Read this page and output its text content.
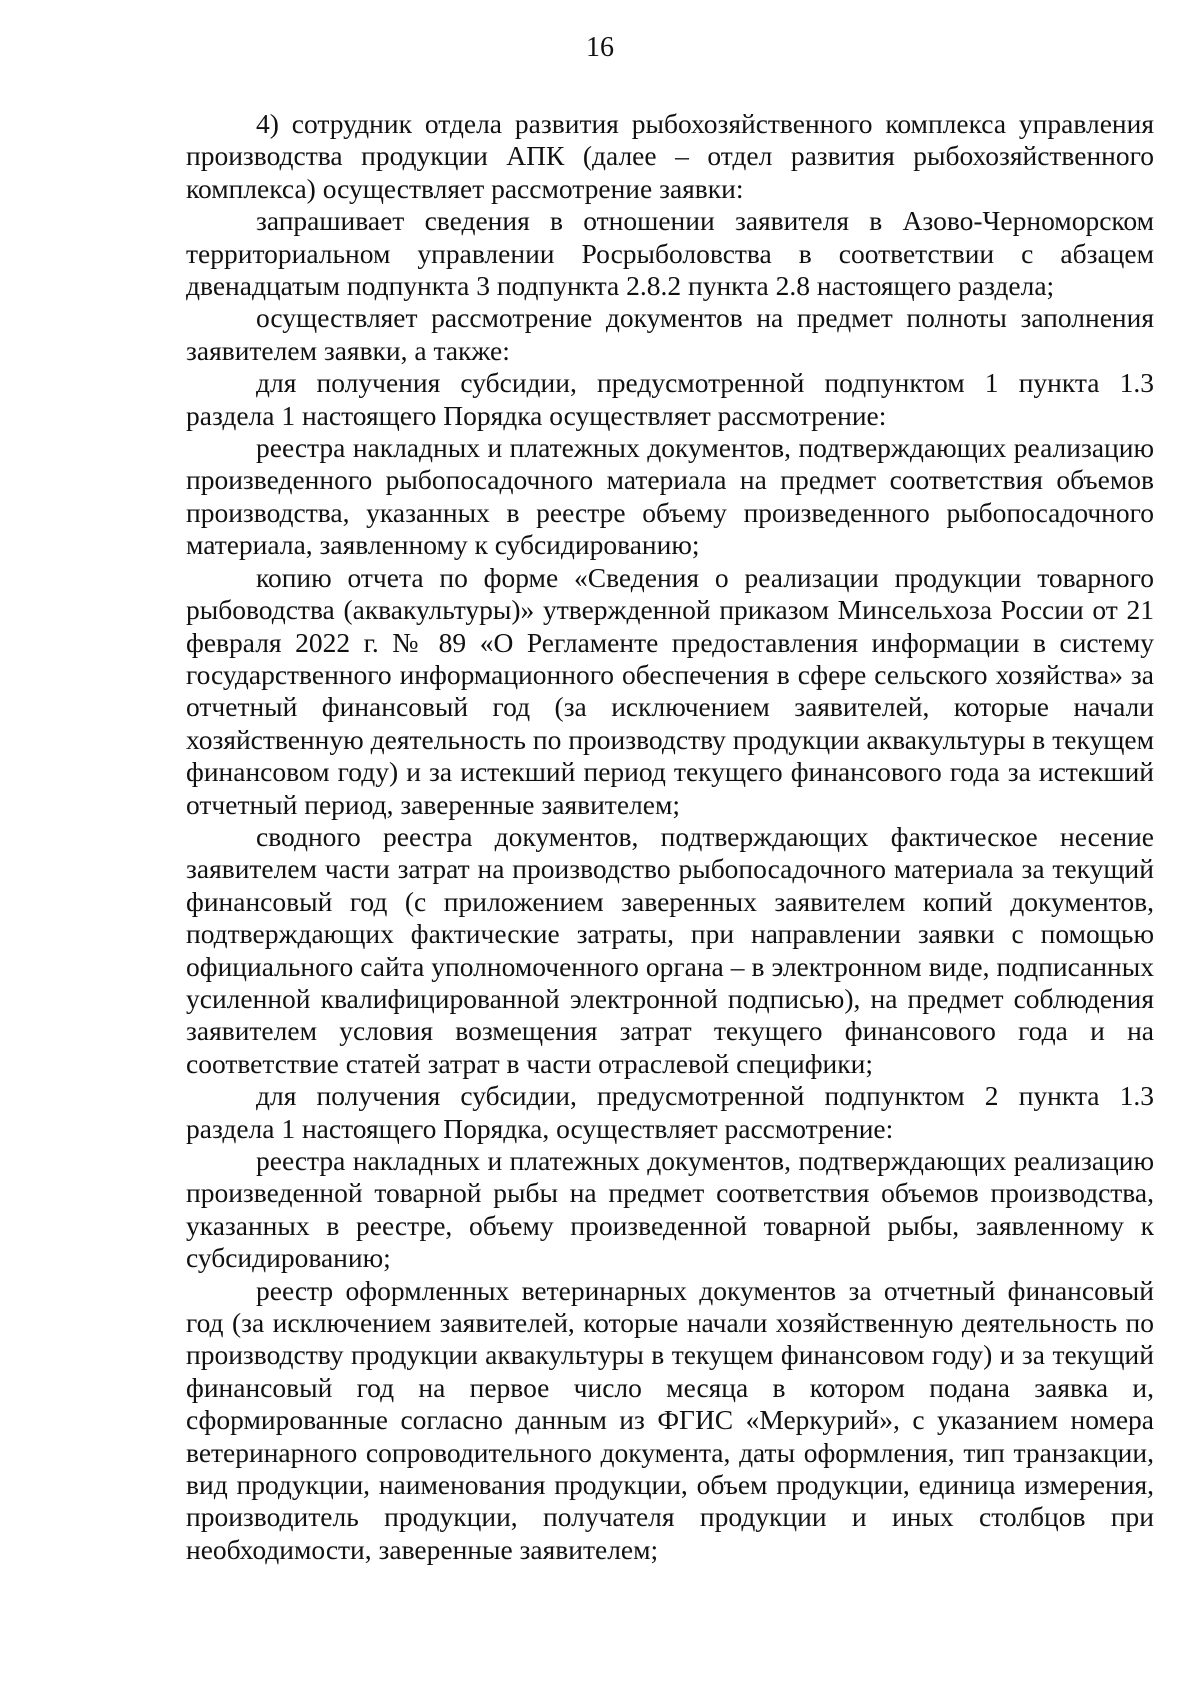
16

4) сотрудник отдела развития рыбохозяйственного комплекса управления производства продукции АПК (далее – отдел развития рыбохозяйственного комплекса) осуществляет рассмотрение заявки:

запрашивает сведения в отношении заявителя в Азово-Черноморском территориальном управлении Росрыболовства в соответствии с абзацем двенадцатым подпункта 3 подпункта 2.8.2 пункта 2.8 настоящего раздела;

осуществляет рассмотрение документов на предмет полноты заполнения заявителем заявки, а также:

для получения субсидии, предусмотренной подпунктом 1 пункта 1.3 раздела 1 настоящего Порядка осуществляет рассмотрение:

реестра накладных и платежных документов, подтверждающих реализацию произведенного рыбопосадочного материала на предмет соответствия объемов производства, указанных в реестре объему произведенного рыбопосадочного материала, заявленному к субсидированию;

копию отчета по форме «Сведения о реализации продукции товарного рыбоводства (аквакультуры)» утвержденной приказом Минсельхоза России от 21 февраля 2022 г. № 89 «О Регламенте предоставления информации в систему государственного информационного обеспечения в сфере сельского хозяйства» за отчетный финансовый год (за исключением заявителей, которые начали хозяйственную деятельность по производству продукции аквакультуры в текущем финансовом году) и за истекший период текущего финансового года за истекший отчетный период, заверенные заявителем;

сводного реестра документов, подтверждающих фактическое несение заявителем части затрат на производство рыбопосадочного материала за текущий финансовый год (с приложением заверенных заявителем копий документов, подтверждающих фактические затраты, при направлении заявки с помощью официального сайта уполномоченного органа – в электронном виде, подписанных усиленной квалифицированной электронной подписью), на предмет соблюдения заявителем условия возмещения затрат текущего финансового года и на соответствие статей затрат в части отраслевой специфики;

для получения субсидии, предусмотренной подпунктом 2 пункта 1.3 раздела 1 настоящего Порядка, осуществляет рассмотрение:

реестра накладных и платежных документов, подтверждающих реализацию произведенной товарной рыбы на предмет соответствия объемов производства, указанных в реестре, объему произведенной товарной рыбы, заявленному к субсидированию;

реестр оформленных ветеринарных документов за отчетный финансовый год (за исключением заявителей, которые начали хозяйственную деятельность по производству продукции аквакультуры в текущем финансовом году) и за текущий финансовый год на первое число месяца в котором подана заявка и, сформированные согласно данным из ФГИС «Меркурий», с указанием номера ветеринарного сопроводительного документа, даты оформления, тип транзакции, вид продукции, наименования продукции, объем продукции, единица измерения, производитель продукции, получателя продукции и иных столбцов при необходимости, заверенные заявителем;
